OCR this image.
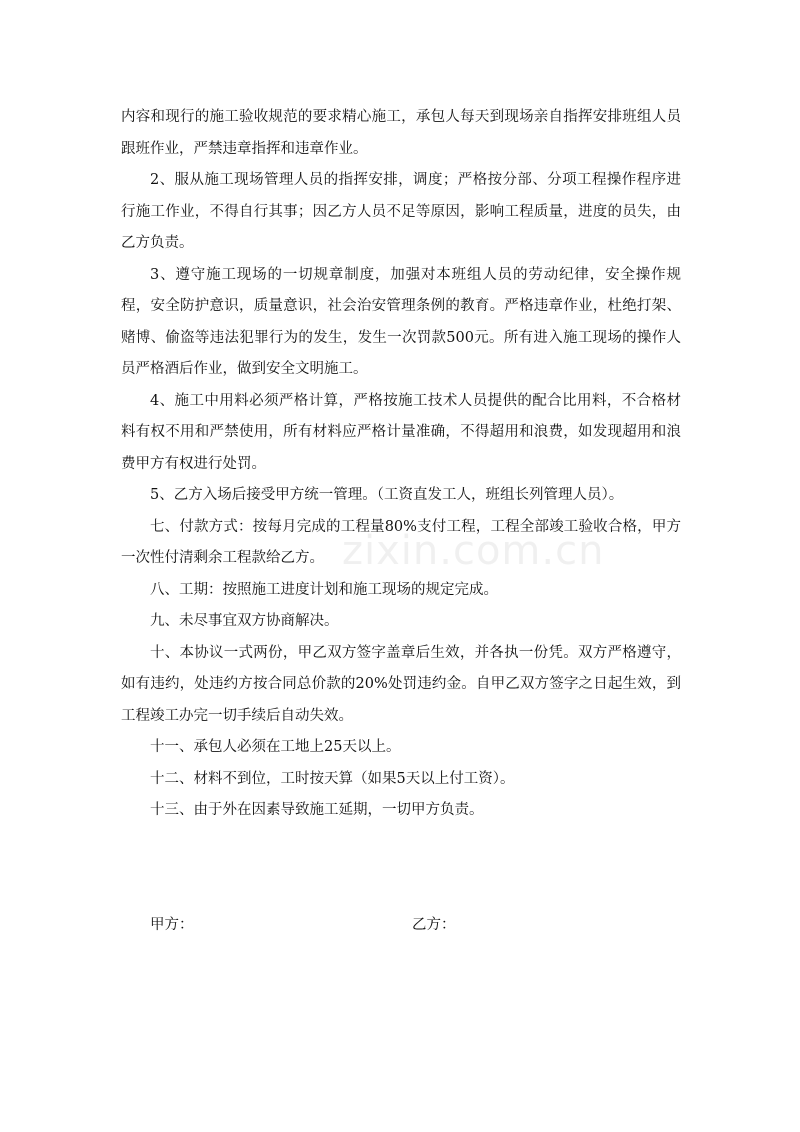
内容和现行的施工验收规范的要求精心施工，承包人每天到现场亲自指挥安排班组人员跟班作业，严禁违章指挥和违章作业。

2、服从施工现场管理人员的指挥安排，调度；严格按分部、分项工程操作程序进行施工作业，不得自行其事；因乙方人员不足等原因，影响工程质量，进度的员失，由乙方负责。

3、遵守施工现场的一切规章制度，加强对本班组人员的劳动纪律，安全操作规程，安全防护意识，质量意识，社会治安管理条例的教育。严格违章作业，杜绝打架、赌博、偷盗等违法犯罪行为的发生，发生一次罚款500元。所有进入施工现场的操作人员严格酒后作业，做到安全文明施工。

4、施工中用料必须严格计算，严格按施工技术人员提供的配合比用料，不合格材料有权不用和严禁使用，所有材料应严格计量准确，不得超用和浪费，如发现超用和浪费甲方有权进行处罚。

5、乙方入场后接受甲方统一管理。（工资直发工人，班组长列管理人员）。

七、付款方式：按每月完成的工程量80%支付工程，工程全部竣工验收合格，甲方一次性付清剩余工程款给乙方。

八、工期：按照施工进度计划和施工现场的规定完成。

九、未尽事宜双方协商解决。

十、本协议一式两份，甲乙双方签字盖章后生效，并各执一份凭。双方严格遵守，如有违约，处违约方按合同总价款的20%处罚违约金。自甲乙双方签字之日起生效，到工程竣工办完一切手续后自动失效。

十一、承包人必须在工地上25天以上。

十二、材料不到位，工时按天算（如果5天以上付工资）。

十三、由于外在因素导致施工延期，一切甲方负责。

甲方：	乙方：
zixin.com.cn
